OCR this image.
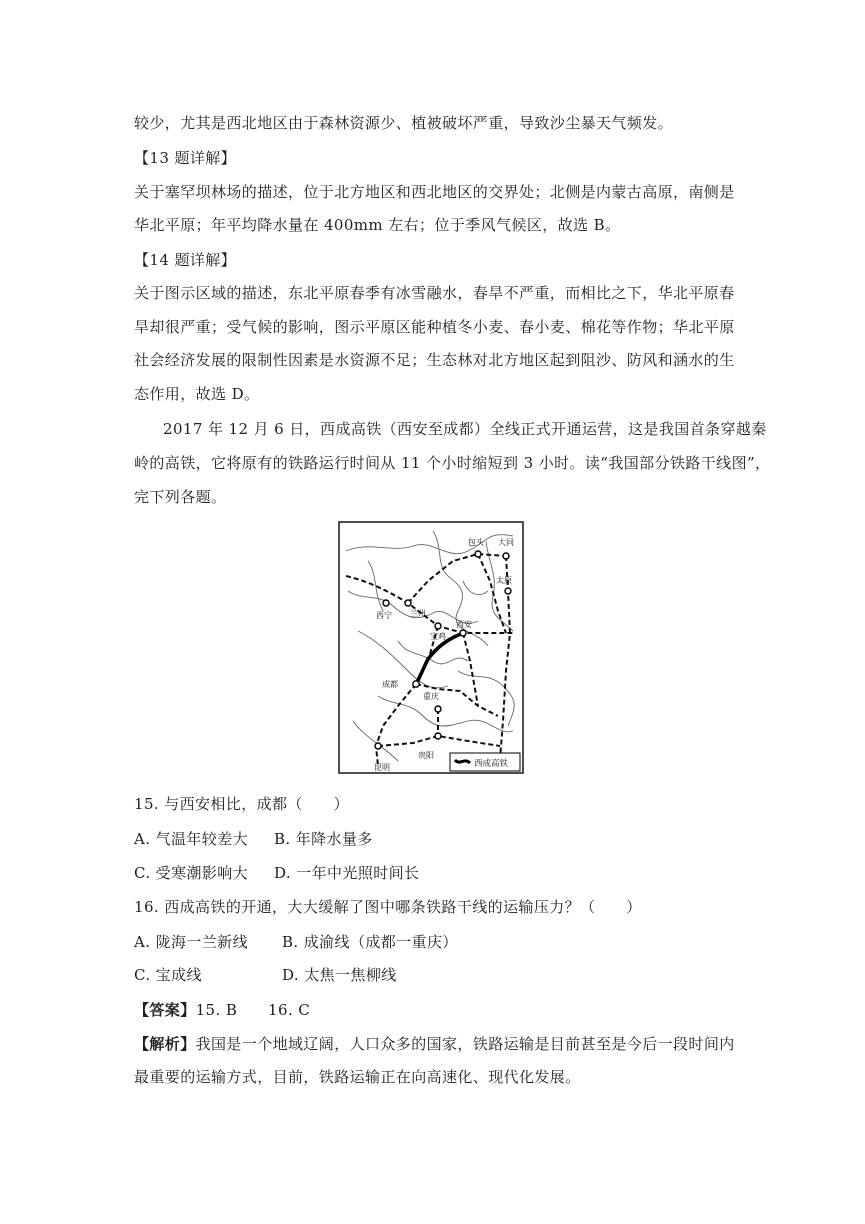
较少，尤其是西北地区由于森林资源少、植被破坏严重，导致沙尘暴天气频发。
【13 题详解】
关于塞罕坝林场的描述，位于北方地区和西北地区的交界处；北侧是内蒙古高原，南侧是
华北平原；年平均降水量在 400mm 左右；位于季风气候区，故选 B。
【14 题详解】
关于图示区域的描述，东北平原春季有冰雪融水，春旱不严重，而相比之下，华北平原春
旱却很严重；受气候的影响，图示平原区能种植冬小麦、春小麦、棉花等作物；华北平原
社会经济发展的限制性因素是水资源不足；生态林对北方地区起到阻沙、防风和涵水的生
态作用，故选 D。
2017 年 12 月 6 日，西成高铁（西安至成都）全线正式开通运营，这是我国首条穿越秦
岭的高铁，它将原有的铁路运行时间从 11 个小时缩短到 3 小时。读“我国部分铁路干线图”，
完下列各题。
包头 大同
太原
西宁 兰州
宝鸡
西安
成都
重庆
贵阳
昆明	西成高铁
15. 与西安相比，成都（　　）
A. 气温年较差大 B. 年降水量多
C. 受寒潮影响大 D. 一年中光照时间长
16. 西成高铁的开通，大大缓解了图中哪条铁路干线的运输压力？（　　）
A. 陇海一兰新线 B. 成渝线（成都一重庆）
C. 宝成线	D. 太焦一焦柳线
【答案】15. B　　16. C
【解析】我国是一个地域辽阔，人口众多的国家，铁路运输是目前甚至是今后一段时间内
最重要的运输方式，目前，铁路运输正在向高速化、现代化发展。
